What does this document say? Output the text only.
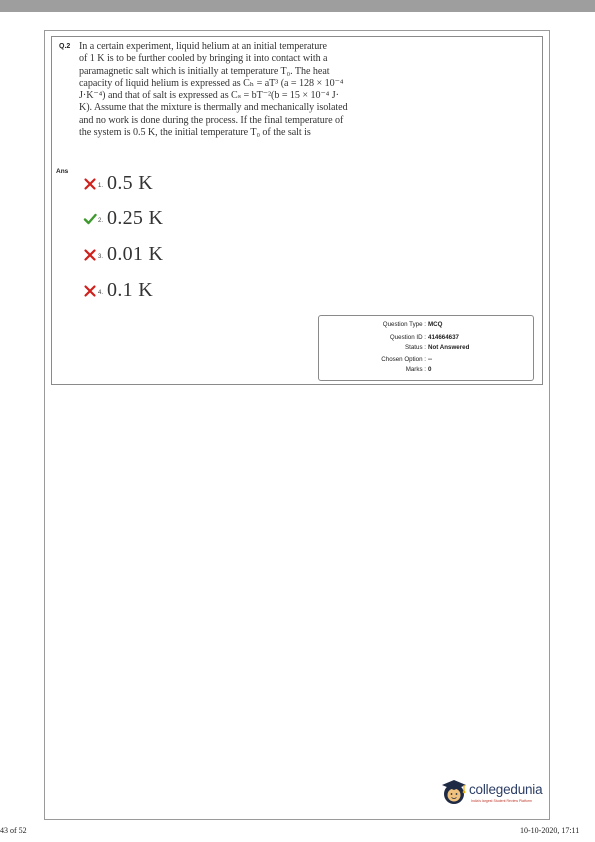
Q.2 In a certain experiment, liquid helium at an initial temperature

of 1 K is to be further cooled by bringing it into contact with a

paramagnetic salt which is initially at temperature T₀. The heat

capacity of liquid helium is expressed as Cₕ = aT³ (a = 128 × 10⁻⁴

J·K⁻⁴) and that of salt is expressed as Cₛ = bT⁻²(b = 15 × 10⁻⁴ J·

K). Assume that the mixture is thermally and mechanically isolated

and no work is done during the process. If the final temperature of

the system is 0.5 K, the initial temperature T₀ of the salt is

Ans
1. 0.5 K
2. 0.25 K
3. 0.01 K
4. 0.1 K
Question Type : MCQ
Question ID : 414664637
Status : Not Answered
Chosen Option : --
Marks : 0
collegedunia
India's largest Student Review Platform
43 of 52	10-10-2020, 17:11
